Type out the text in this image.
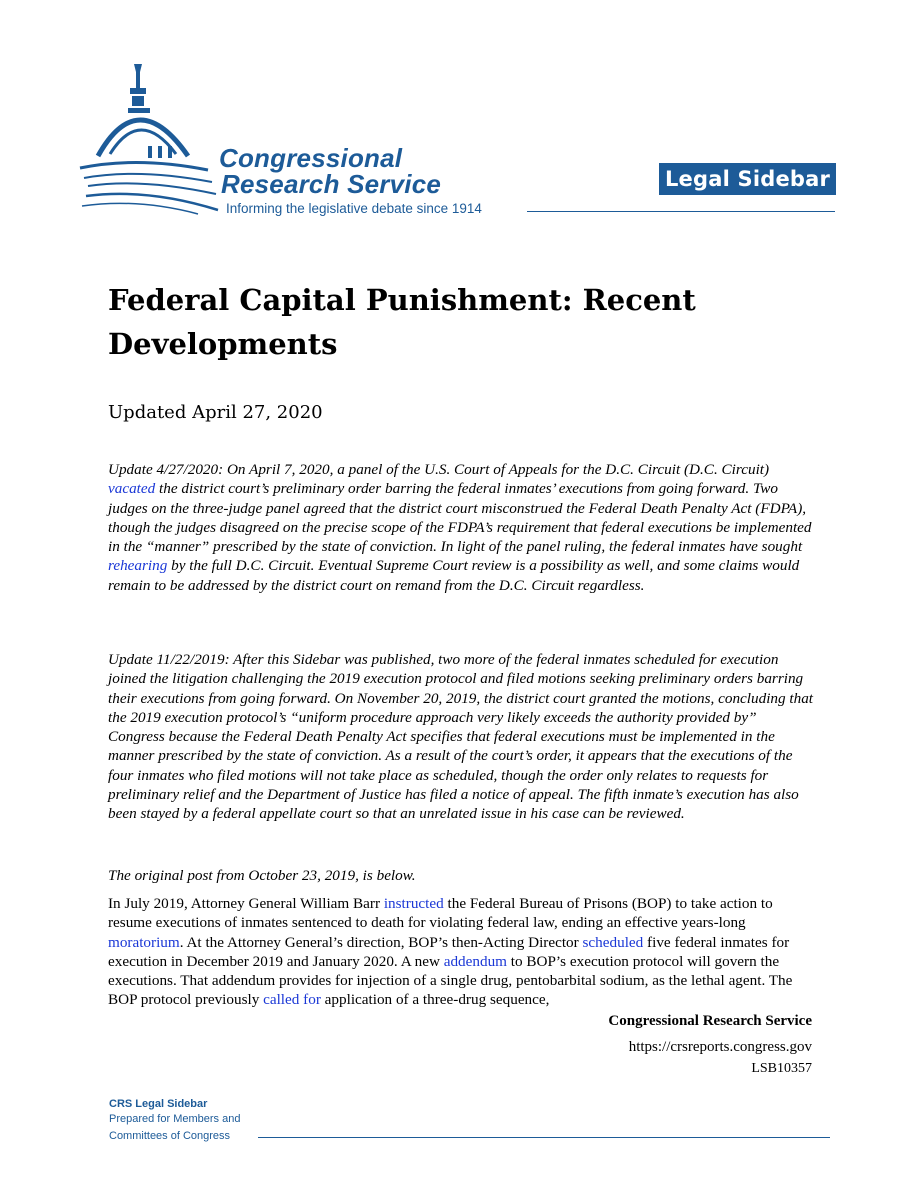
Congressional
Research Service
Informing the legislative debate since 1914
Legal Sidebar
Federal Capital Punishment: Recent Developments
Updated April 27, 2020
Update 4/27/2020: On April 7, 2020, a panel of the U.S. Court of Appeals for the D.C. Circuit (D.C. Circuit) vacated the district court’s preliminary order barring the federal inmates’ executions from going forward. Two judges on the three-judge panel agreed that the district court misconstrued the Federal Death Penalty Act (FDPA), though the judges disagreed on the precise scope of the FDPA’s requirement that federal executions be implemented in the “manner” prescribed by the state of conviction. In light of the panel ruling, the federal inmates have sought rehearing by the full D.C. Circuit. Eventual Supreme Court review is a possibility as well, and some claims would remain to be addressed by the district court on remand from the D.C. Circuit regardless.
Update 11/22/2019: After this Sidebar was published, two more of the federal inmates scheduled for execution joined the litigation challenging the 2019 execution protocol and filed motions seeking preliminary orders barring their executions from going forward. On November 20, 2019, the district court granted the motions, concluding that the 2019 execution protocol’s “uniform procedure approach very likely exceeds the authority provided by” Congress because the Federal Death Penalty Act specifies that federal executions must be implemented in the manner prescribed by the state of conviction. As a result of the court’s order, it appears that the executions of the four inmates who filed motions will not take place as scheduled, though the order only relates to requests for preliminary relief and the Department of Justice has filed a notice of appeal. The fifth inmate’s execution has also been stayed by a federal appellate court so that an unrelated issue in his case can be reviewed.
The original post from October 23, 2019, is below.
In July 2019, Attorney General William Barr instructed the Federal Bureau of Prisons (BOP) to take action to resume executions of inmates sentenced to death for violating federal law, ending an effective years-long moratorium. At the Attorney General’s direction, BOP’s then-Acting Director scheduled five federal inmates for execution in December 2019 and January 2020. A new addendum to BOP’s execution protocol will govern the executions. That addendum provides for injection of a single drug, pentobarbital sodium, as the lethal agent. The BOP protocol previously called for application of a three-drug sequence,
Congressional Research Service
https://crsreports.congress.gov
LSB10357
CRS Legal Sidebar
Prepared for Members and
Committees of Congress
